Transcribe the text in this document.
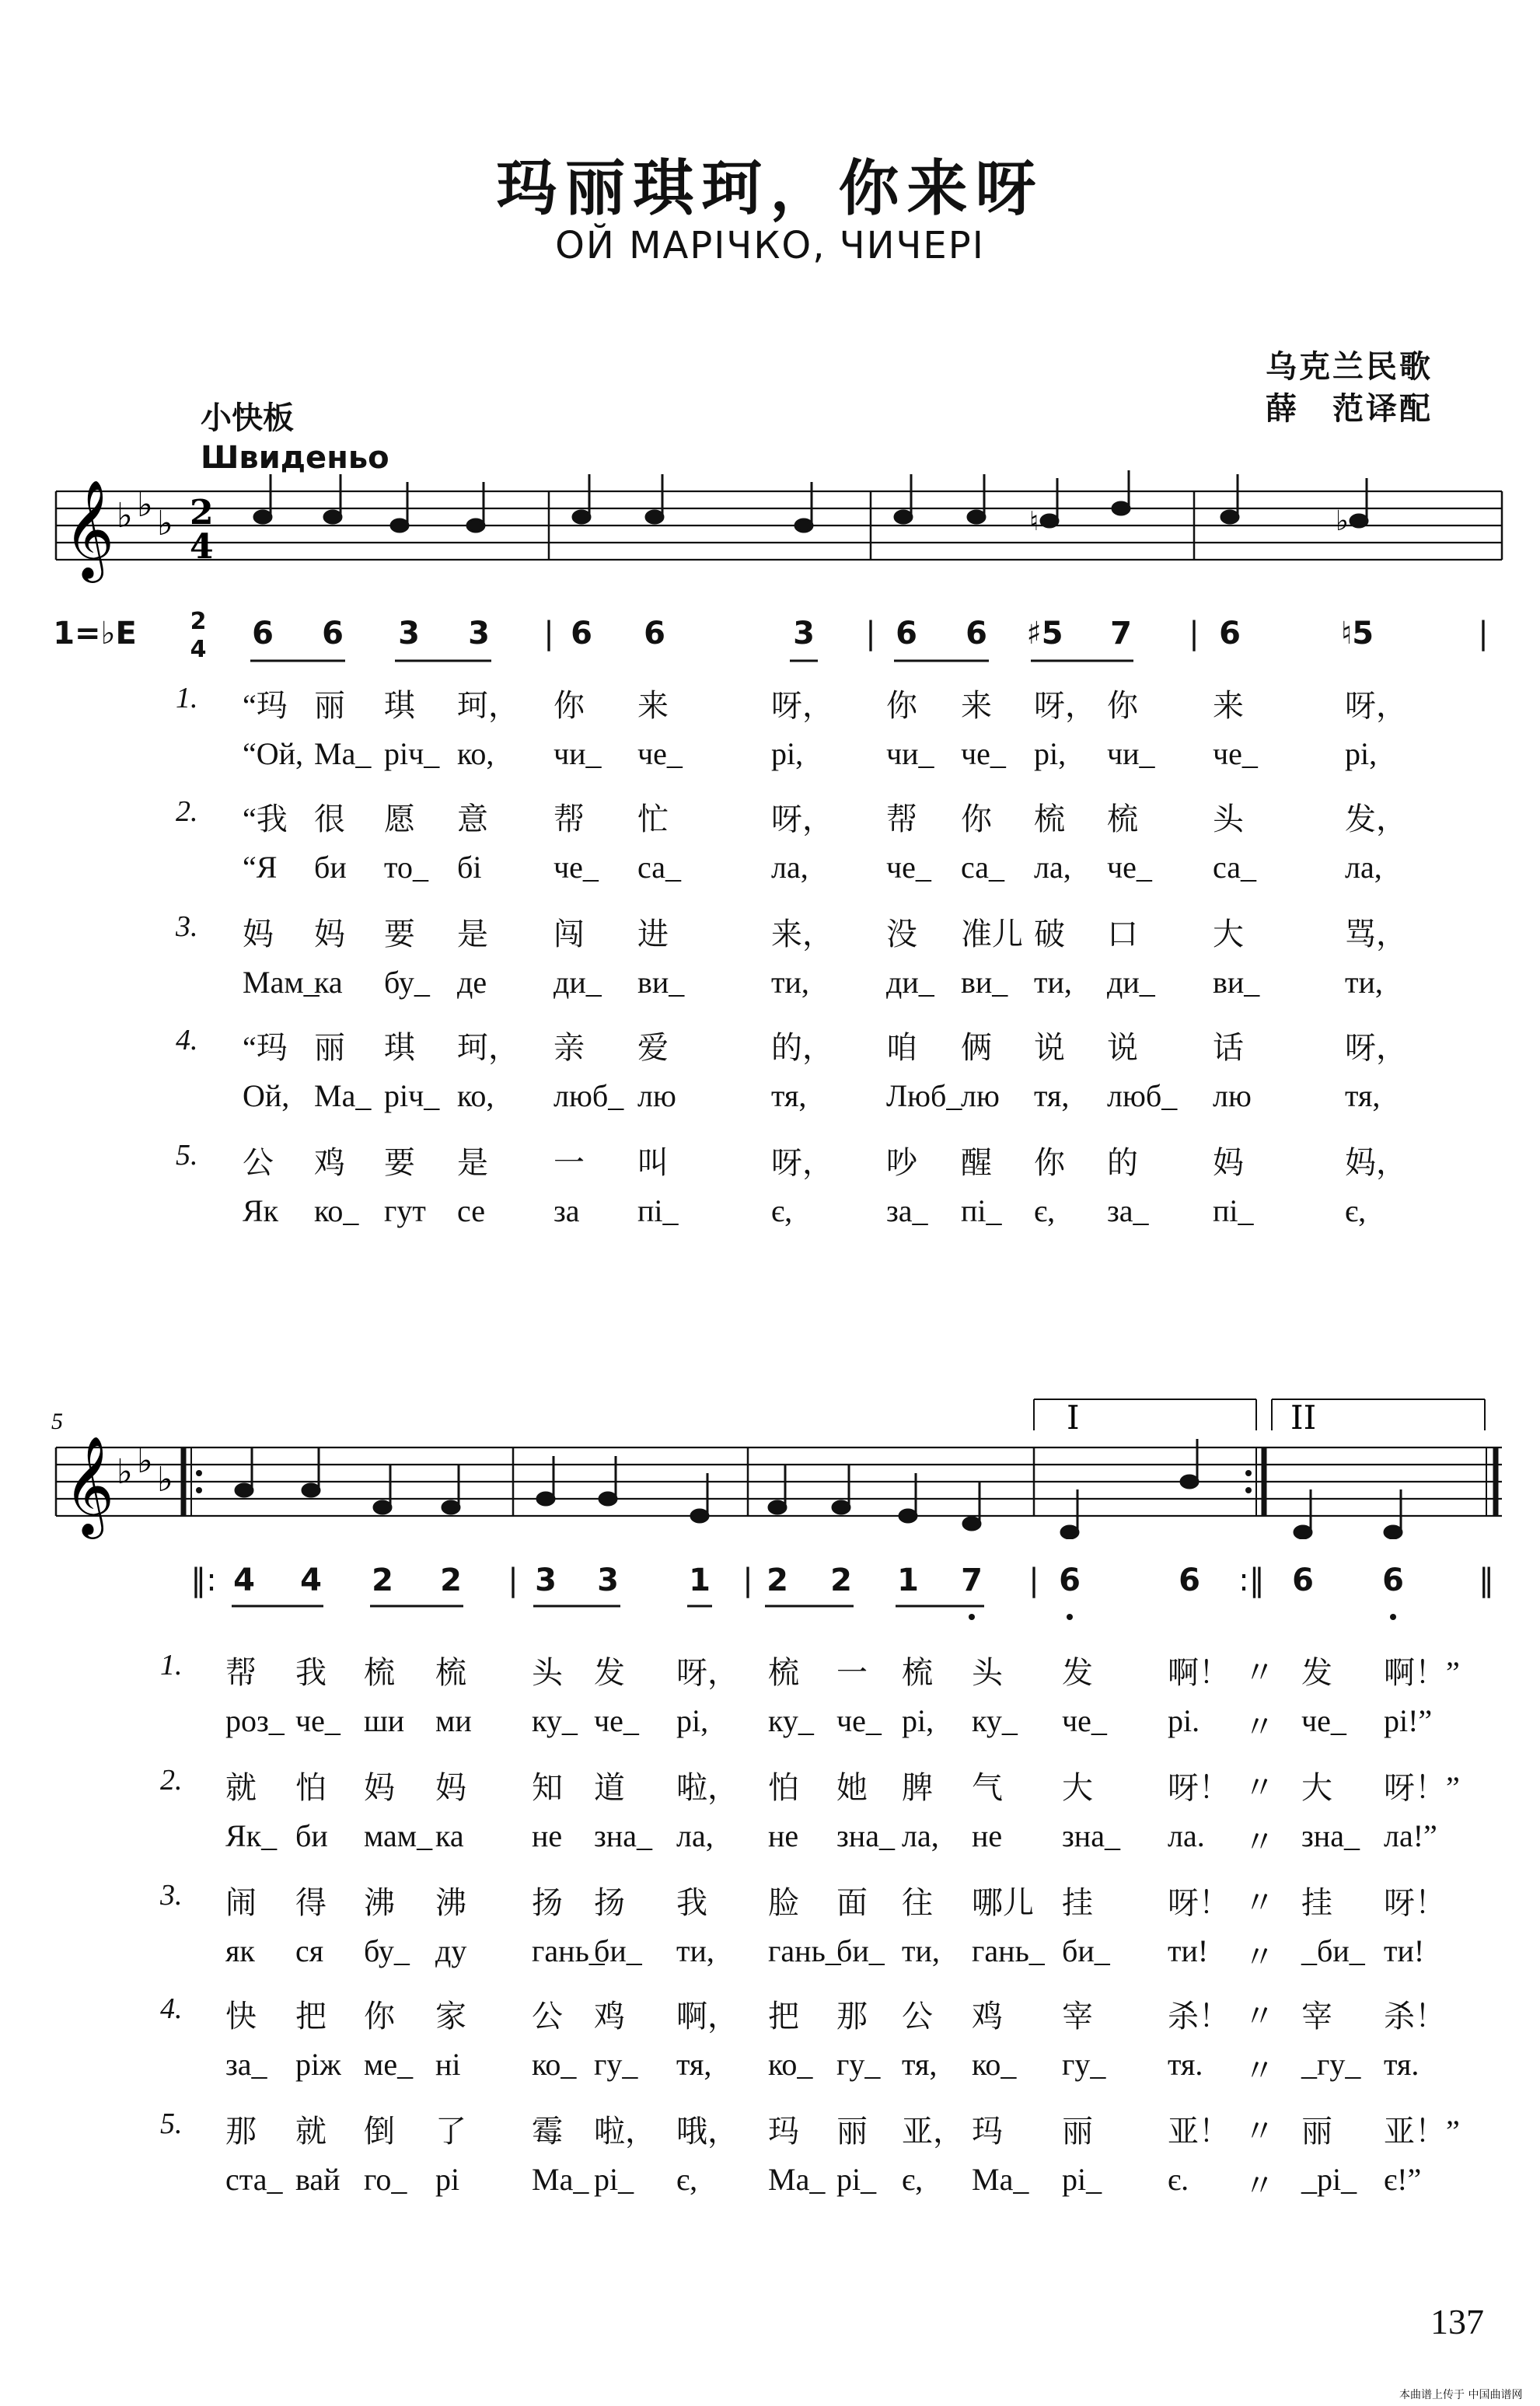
玛丽琪珂，你来呀
ОЙ МАРІЧКО, ЧИЧЕРІ
乌克兰民歌
薛　范译配
小快板
Швиденьо
𝄞 ♭ ♭ ♭ 2
4
♮	♭
1=♭E 2
4 6 6 3 3 | 6 6	3 | 6 6 ♯5 7 | 6	♮5	|
1. “玛 丽 琪 珂， 你 来	呀， 你 来 呀， 你 来	呀，
“Ой, Ма_ річ_ ко, чи_ че_	рі,	чи_ че_ рі, чи_ че_	рі,
2. “我 很 愿 意 帮 忙	呀， 帮 你 梳 梳 头	发，
“Я би то_ бі че_ са_	ла,	че_ са_ ла, че_ са_	ла,
3. 妈 妈 要 是 闯 进	来， 没 准儿 破 口 大	骂，
Мам_
ка бу_ де ди_ ви_	ти, ди_ ви_ ти, ди_ ви_	ти,
4. “玛 丽 琪 珂， 亲 爱	的， 咱 俩 说 说 话	呀，
Ой, Ма_ річ_ ко, люб_ лю	тя,	Люб_
лю тя, люб_ лю	тя,
5. 公 鸡 要 是 一 叫	呀， 吵 醒 你 的 妈	妈，
Як ко_ гут се за пі_	є,	за_ пі_ є, за_ пі_	є,
5	I	II
𝄞 ♭ ♭ ♭
‖: 4 4 2 2 | 3 3 1 | 2 2 1 7 | 6	6 :‖ 6 6 ‖
1. 帮 我 梳 梳 头 发 呀， 梳 一 梳 头 发 啊！ 〃 发 啊！”
роз_ че_ ши ми ку_ че_ рі, ку_ че_ рі, ку_ че_ рі. 〃 че_ рі!”
2. 就 怕 妈 妈 知 道 啦， 怕 她 脾 气 大 呀！ 〃 大 呀！”
Як_ би мам_ ка не зна_ ла, не зна_ ла, не зна_ ла. 〃 зна_ ла!”
3. 闹 得 沸 沸 扬 扬 我 脸 面 往 哪儿 挂 呀！ 〃 挂 呀！
як ся бу_ ду гань_
би_ ти, гань_
би_ ти, гань_ би_ ти! 〃 _би_ ти!
4. 快 把 你 家 公 鸡 啊， 把 那 公 鸡 宰 杀！ 〃 宰 杀！
за_ ріж ме_ ні ко_ гу_ тя, ко_ гу_ тя, ко_ гу_ тя. 〃 _гу_ тя.
5. 那 就 倒 了 霉 啦， 哦， 玛 丽 亚， 玛 丽 亚！ 〃 丽 亚！”
ста_ вай го_ рі Ма_ рі_ є, Ма_ рі_ є, Ма_ рі_ є. 〃 _рі_ є!”
137
本曲谱上传于 中国曲谱网
